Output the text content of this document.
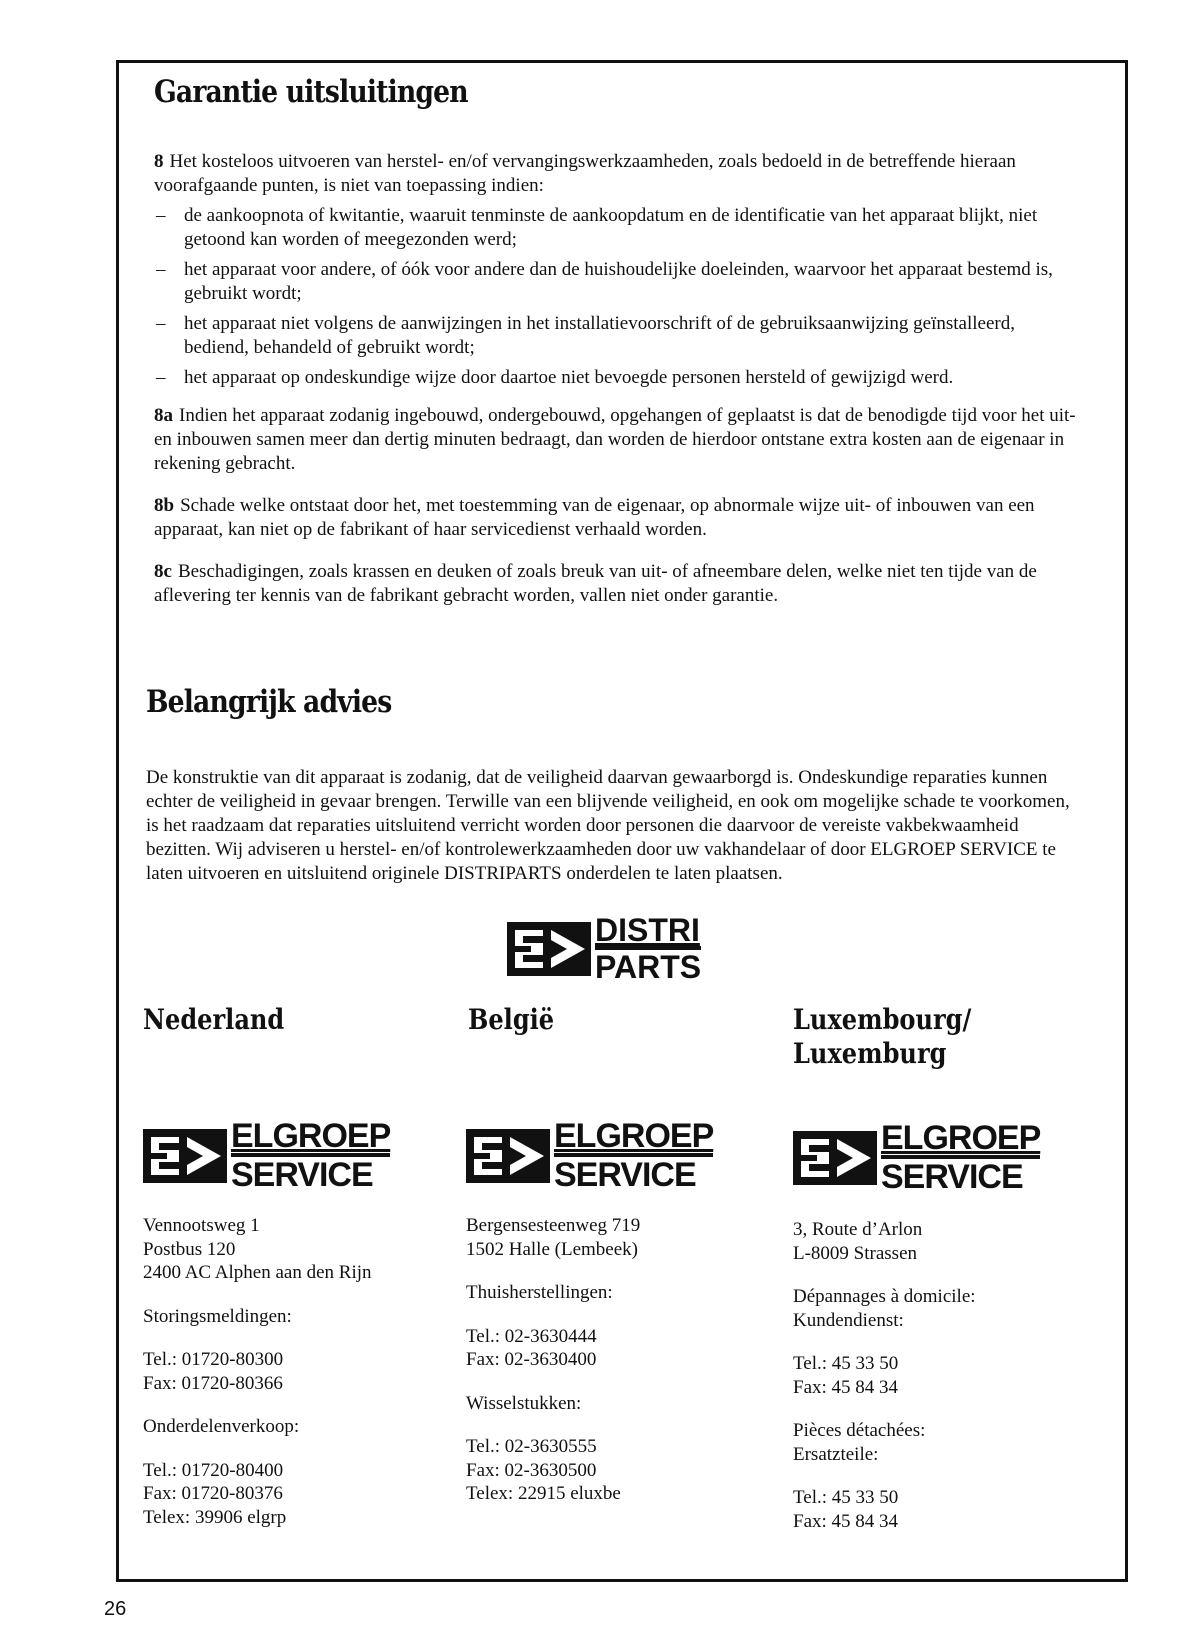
Garantie uitsluitingen

8 Het kosteloos uitvoeren van herstel- en/of vervangingswerkzaamheden, zoals bedoeld in de betreffende hieraan voorafgaande punten, is niet van toepassing indien:

– de aankoopnota of kwitantie, waaruit tenminste de aankoopdatum en de identificatie van het apparaat blijkt, niet getoond kan worden of meegezonden werd;
– het apparaat voor andere, of óók voor andere dan de huishoudelijke doeleinden, waarvoor het apparaat bestemd is, gebruikt wordt;
– het apparaat niet volgens de aanwijzingen in het installatievoorschrift of de gebruiksaanwijzing geïnstalleerd, bediend, behandeld of gebruikt wordt;
– het apparaat op ondeskundige wijze door daartoe niet bevoegde personen hersteld of gewijzigd werd.

8a Indien het apparaat zodanig ingebouwd, ondergebouwd, opgehangen of geplaatst is dat de benodigde tijd voor het uit- en inbouwen samen meer dan dertig minuten bedraagt, dan worden de hierdoor ontstane extra kosten aan de eigenaar in rekening gebracht.

8b Schade welke ontstaat door het, met toestemming van de eigenaar, op abnormale wijze uit- of inbouwen van een apparaat, kan niet op de fabrikant of haar servicedienst verhaald worden.

8c Beschadigingen, zoals krassen en deuken of zoals breuk van uit- of afneembare delen, welke niet ten tijde van de aflevering ter kennis van de fabrikant gebracht worden, vallen niet onder garantie.

Belangrijk advies

De konstruktie van dit apparaat is zodanig, dat de veiligheid daarvan gewaarborgd is. Ondeskundige reparaties kunnen echter de veiligheid in gevaar brengen. Terwille van een blijvende veiligheid, en ook om mogelijke schade te voorkomen, is het raadzaam dat reparaties uitsluitend verricht worden door personen die daarvoor de vereiste vakbekwaamheid bezitten. Wij adviseren u herstel- en/of kontrolewerkzaamheden door uw vakhandelaar of door ELGROEP SERVICE te laten uitvoeren en uitsluitend originele DISTRIPARTS onderdelen te laten plaatsen.

DISTRI
PARTS
Nederland	België	Luxembourg/
Luxemburg
ELGROEP
SERVICE
ELGROEP
SERVICE
ELGROEP
SERVICE
Vennootsweg 1
Postbus 120
2400 AC Alphen aan den Rijn
Storingsmeldingen:
Tel.: 01720-80300
Fax: 01720-80366
Onderdelenverkoop:
Tel.: 01720-80400
Fax: 01720-80376
Telex: 39906 elgrp
Bergensesteenweg 719
1502 Halle (Lembeek)
Thuisherstellingen:
Tel.: 02-3630444
Fax: 02-3630400
Wisselstukken:
Tel.: 02-3630555
Fax: 02-3630500
Telex: 22915 eluxbe
3, Route d’Arlon
L-8009 Strassen
Dépannages à domicile:
Kundendienst:
Tel.: 45 33 50
Fax: 45 84 34
Pièces détachées:
Ersatzteile:
Tel.: 45 33 50
Fax: 45 84 34
26
